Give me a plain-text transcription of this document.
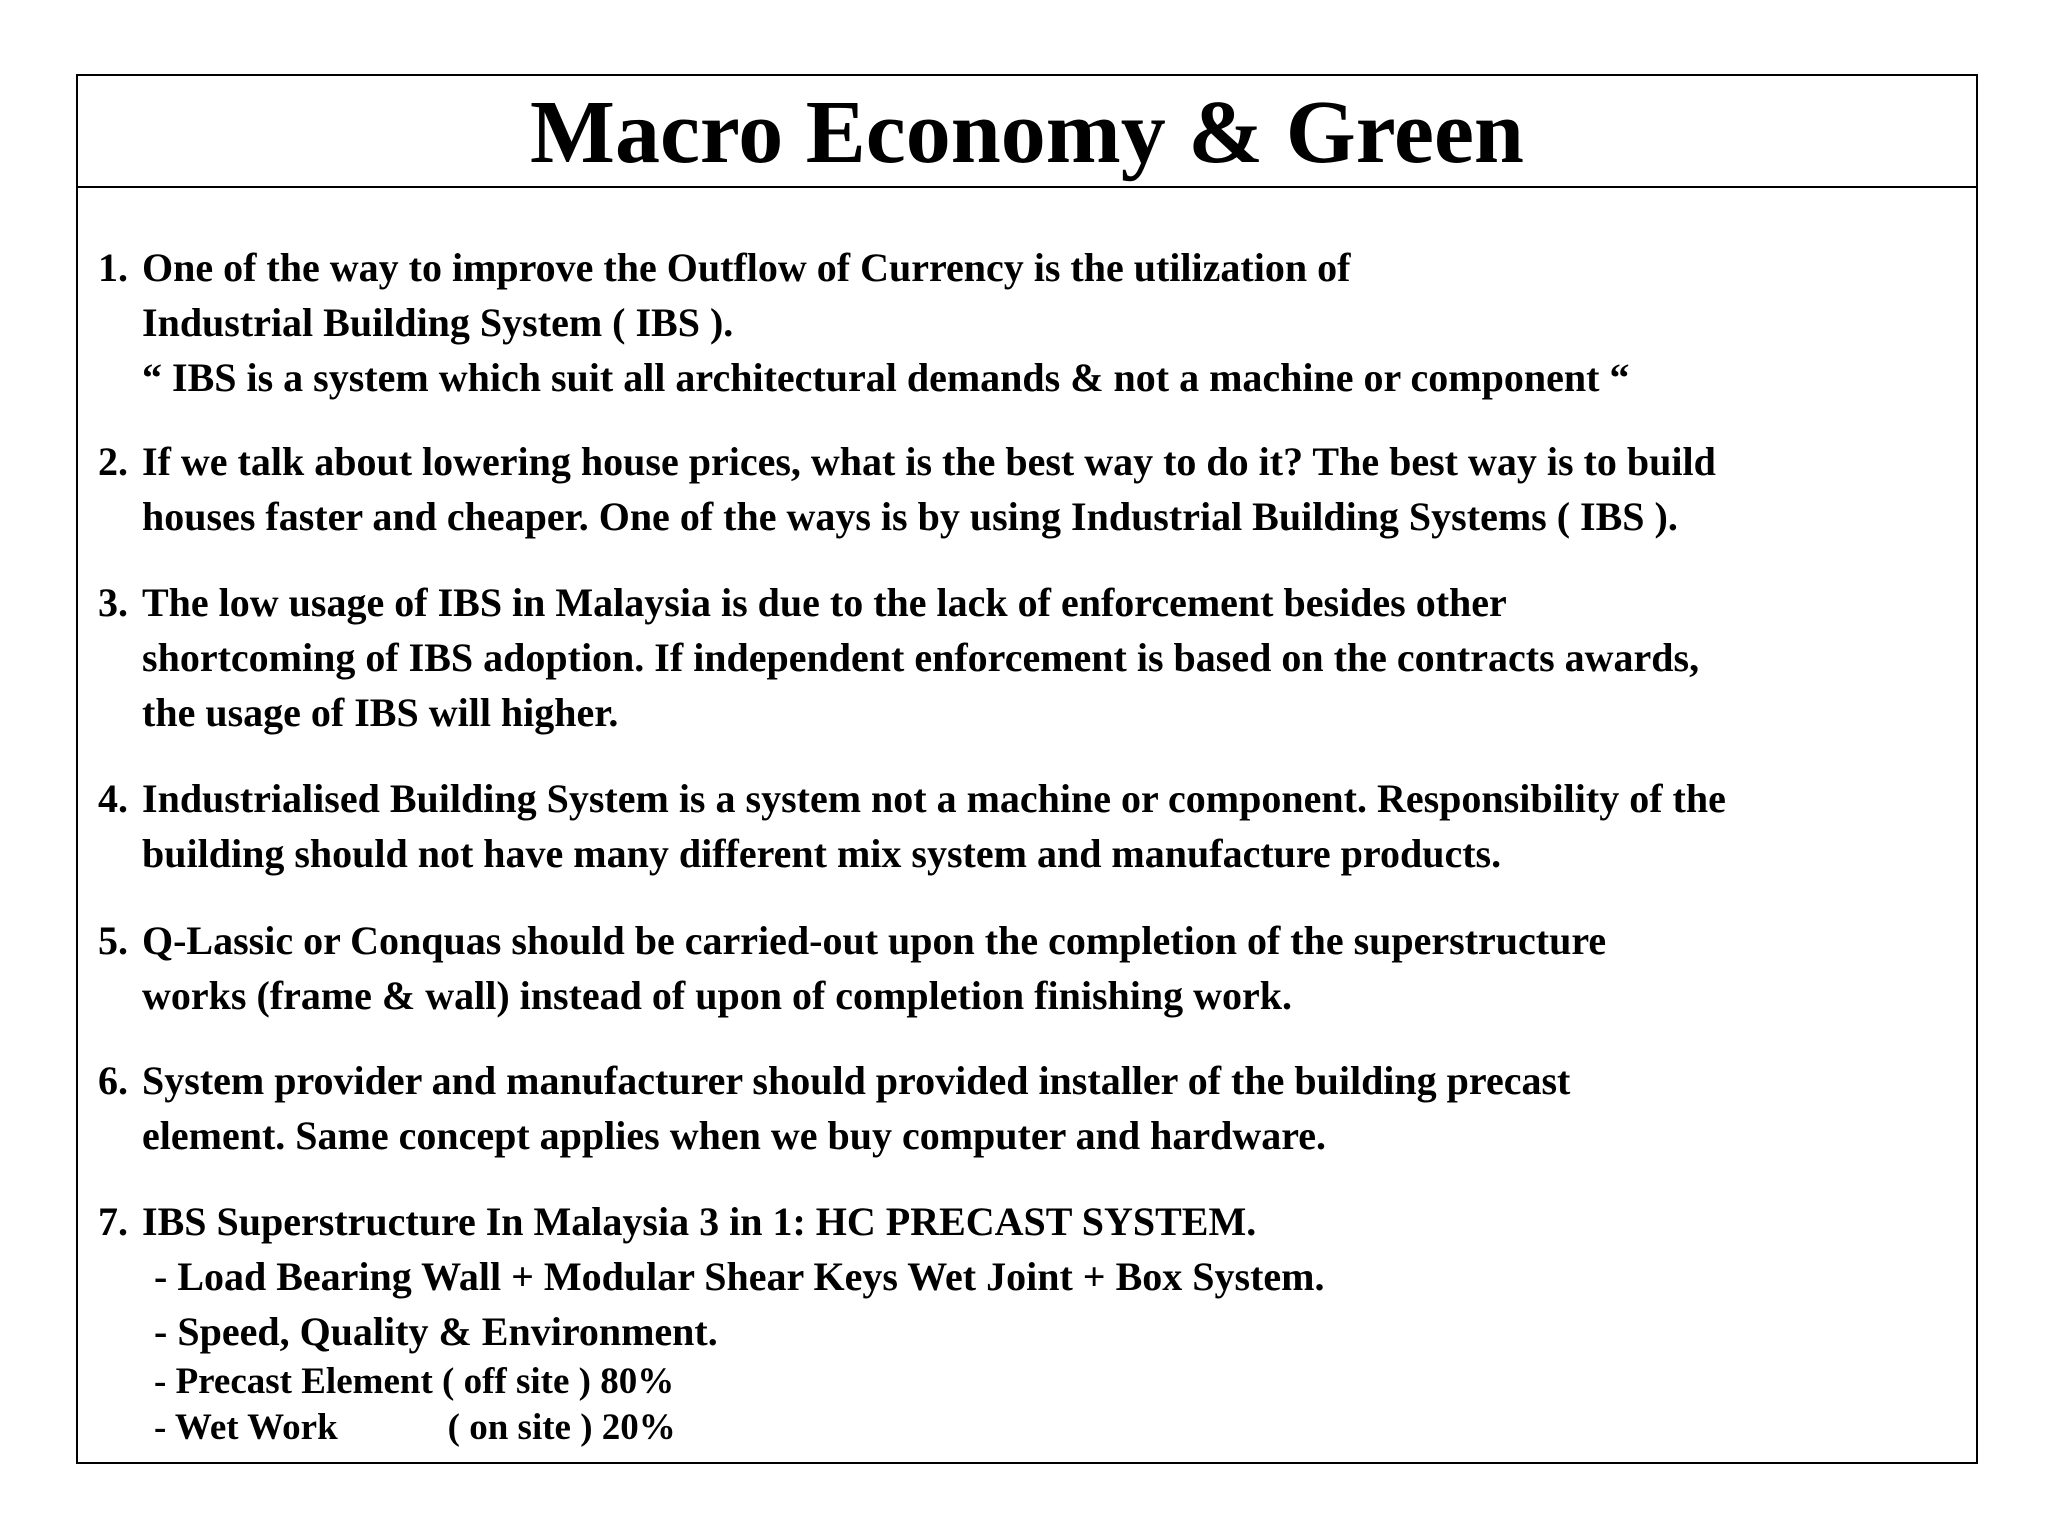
Macro Economy & Green
1. One of the way to improve the Outflow of Currency is the utilization of
Industrial Building System ( IBS ).
“ IBS is a system which suit all architectural demands & not a machine or component “
2. If we talk about lowering house prices, what is the best way to do it? The best way is to build
houses faster and cheaper. One of the ways is by using Industrial Building Systems ( IBS ).
3. The low usage of IBS in Malaysia is due to the lack of enforcement besides other
shortcoming of IBS adoption. If independent enforcement is based on the contracts awards,
the usage of IBS will higher.
4. Industrialised Building System is a system not a machine or component. Responsibility of the
building should not have many different mix system and manufacture products.
5. Q-Lassic or Conquas should be carried-out upon the completion of the superstructure
works (frame & wall) instead of upon of completion finishing work.
6. System provider and manufacturer should provided installer of the building precast
element. Same concept applies when we buy computer and hardware.
7. IBS Superstructure In Malaysia 3 in 1: HC PRECAST SYSTEM.
- Load Bearing Wall + Modular Shear Keys Wet Joint + Box System.
- Speed, Quality & Environment.
- Precast Element ( off site ) 80%
- Wet Work	( on site ) 20%
